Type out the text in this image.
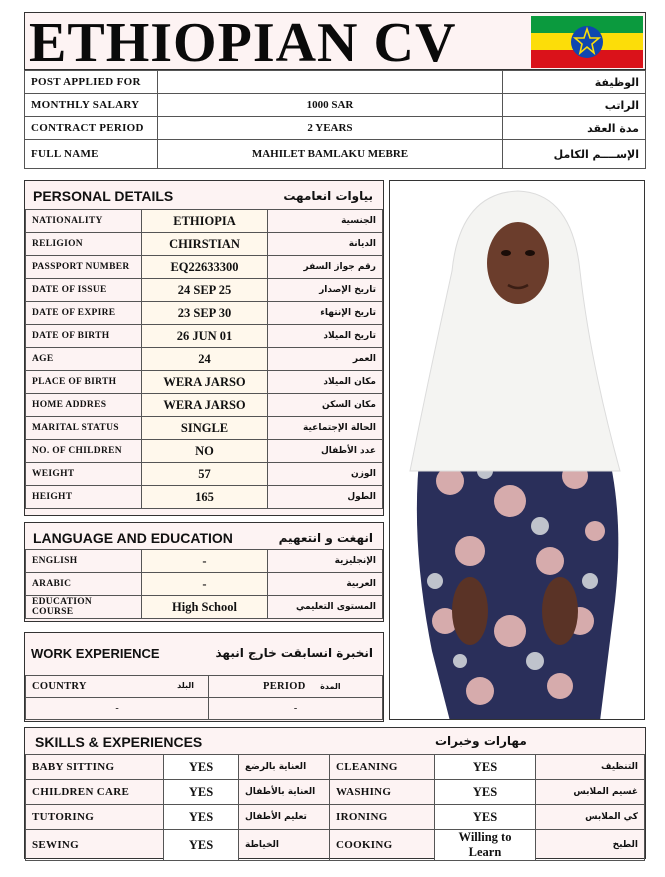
ETHIOPIAN CV
POST APPLIED FOR		الوظيفة
MONTHLY SALARY	1000 SAR	الراتب
CONTRACT PERIOD	2 YEARS	مدة العقد
FULL NAME	MAHILET BAMLAKU MEBRE	الإســــم الكامل
PERSONAL DETAILS	بياوات انعامهت
NATIONALITY	ETHIOPIA	الجنسية
RELIGION	CHIRSTIAN	الديانة
PASSPORT NUMBER	EQ22633300	رقم جواز السفر
DATE OF ISSUE	24 SEP 25	تاريخ الإصدار
DATE OF EXPIRE	23 SEP 30	تاريخ الإنتهاء
DATE OF BIRTH	26 JUN 01	تاريخ الميلاد
AGE	24	العمر
PLACE OF BIRTH	WERA JARSO	مكان الميلاد
HOME ADDRES	WERA JARSO	مكان السكن
MARITAL STATUS	SINGLE	الحالة الإجتماعية
NO. OF CHILDREN	NO	عدد الأطفال
WEIGHT	57	الوزن
HEIGHT	165	الطول
LANGUAGE AND EDUCATION	انهغت و انتعهيم
ENGLISH	-	الإنجليزية
ARABIC	-	العربية
EDUCATION COURSE	High School	المستوى التعليمي
WORK EXPERIENCE	انخبرة انسابقت خارج انبهذ
COUNTRY البلد	PERIOD المدة
-	-
SKILLS & EXPERIENCES	مهارات وخبرات
BABY SITTING	YES	العناية بالرضع	CLEANING	YES	التنظيف
CHILDREN CARE	YES	العناية بالأطفال	WASHING	YES	غسيم الملابس
TUTORING	YES	تعليم الأطفال	IRONING	YES	كي الملابس
SEWING	YES	الخياطة	COOKING	Willing to Learn	الطبخ
